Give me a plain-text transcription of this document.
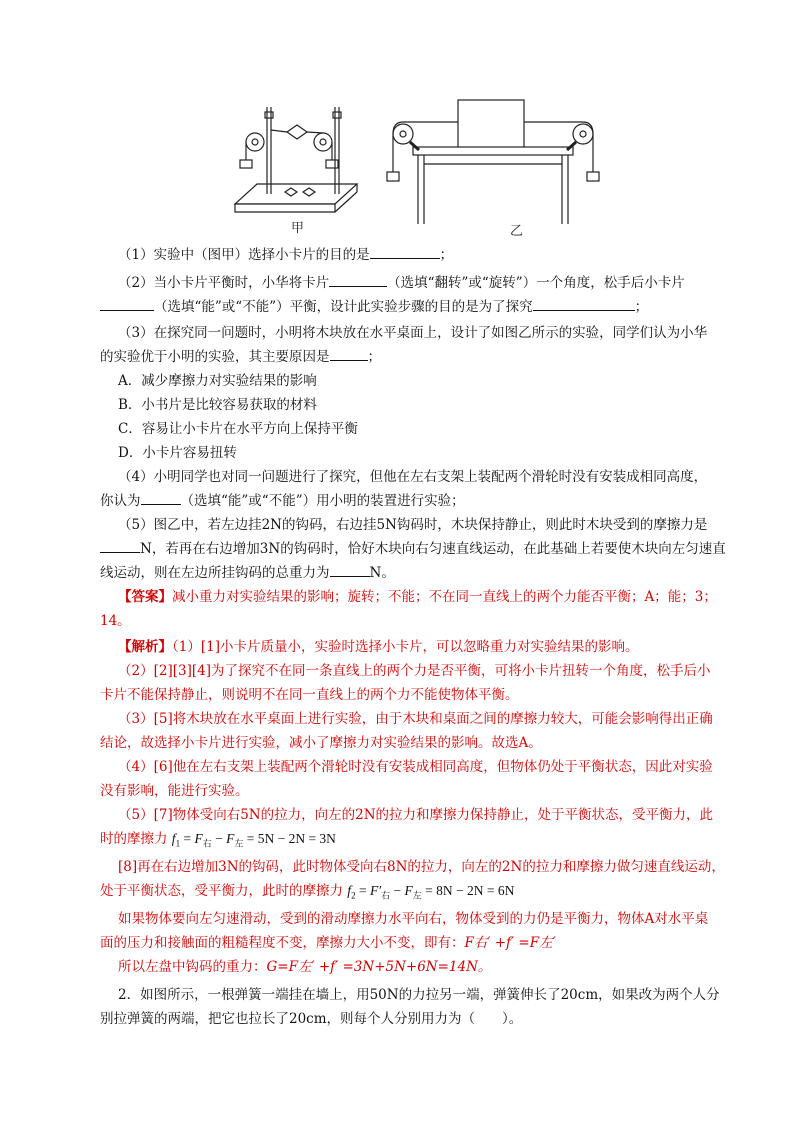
甲	乙
（1）实验中（图甲）选择小卡片的目的是	；
（2）当小卡片平衡时，小华将卡片	（选填“翻转”或“旋转”）一个角度，松手后小卡片
（选填“能”或“不能”）平衡，设计此实验步骤的目的是为了探究	；
（3）在探究同一问题时，小明将木块放在水平桌面上，设计了如图乙所示的实验，同学们认为小华
的实验优于小明的实验，其主要原因是	；
A．减少摩擦力对实验结果的影响
B．小书片是比较容易获取的材料
C．容易让小卡片在水平方向上保持平衡
D．小卡片容易扭转
（4）小明同学也对同一问题进行了探究，但他在左右支架上装配两个滑轮时没有安装成相同高度，
你认为	（选填“能”或“不能”）用小明的装置进行实验；
（5）图乙中，若左边挂2N的钩码，右边挂5N钩码时，木块保持静止，则此时木块受到的摩擦力是
N，若再在右边增加3N的钩码时，恰好木块向右匀速直线运动，在此基础上若要使木块向左匀速直
线运动，则在左边所挂钩码的总重力为	N。
【答案】减小重力对实验结果的影响；旋转；不能；不在同一直线上的两个力能否平衡；A；能；3；
14。
【解析】（1）[1]小卡片质量小，实验时选择小卡片，可以忽略重力对实验结果的影响。
（2）[2][3][4]为了探究不在同一条直线上的两个力是否平衡，可将小卡片扭转一个角度，松手后小
卡片不能保持静止，则说明不在同一直线上的两个力不能使物体平衡。
（3）[5]将木块放在水平桌面上进行实验，由于木块和桌面之间的摩擦力较大，可能会影响得出正确
结论，故选择小卡片进行实验，减小了摩擦力对实验结果的影响。故选A。
（4）[6]他在左右支架上装配两个滑轮时没有安装成相同高度，但物体仍处于平衡状态，因此对实验
没有影响，能进行实验。
（5）[7]物体受向右5N的拉力，向左的2N的拉力和摩擦力保持静止，处于平衡状态，受平衡力，此
时的摩擦力 $f_1 = F_右 - F_左 = 5N - 2N = 3N$
[8]再在右边增加3N的钩码，此时物体受向右8N的拉力，向左的2N的拉力和摩擦力做匀速直线运动，
处于平衡状态，受平衡力，此时的摩擦力 $f_2 = F'_右 - F_左 = 8N - 2N = 6N$
如果物体要向左匀速滑动，受到的滑动摩擦力水平向右，物体受到的力仍是平衡力，物体A对水平桌
面的压力和接触面的粗糙程度不变，摩擦力大小不变，即有：F右′ +f′ =F左′
所以左盘中钩码的重力：G=F左′ +f′ =3N+5N+6N=14N。
2．如图所示，一根弹簧一端挂在墙上，用50N的力拉另一端，弹簧伸长了20cm，如果改为两个人分
别拉弹簧的两端，把它也拉长了20cm，则每个人分别用力为（　　）。
